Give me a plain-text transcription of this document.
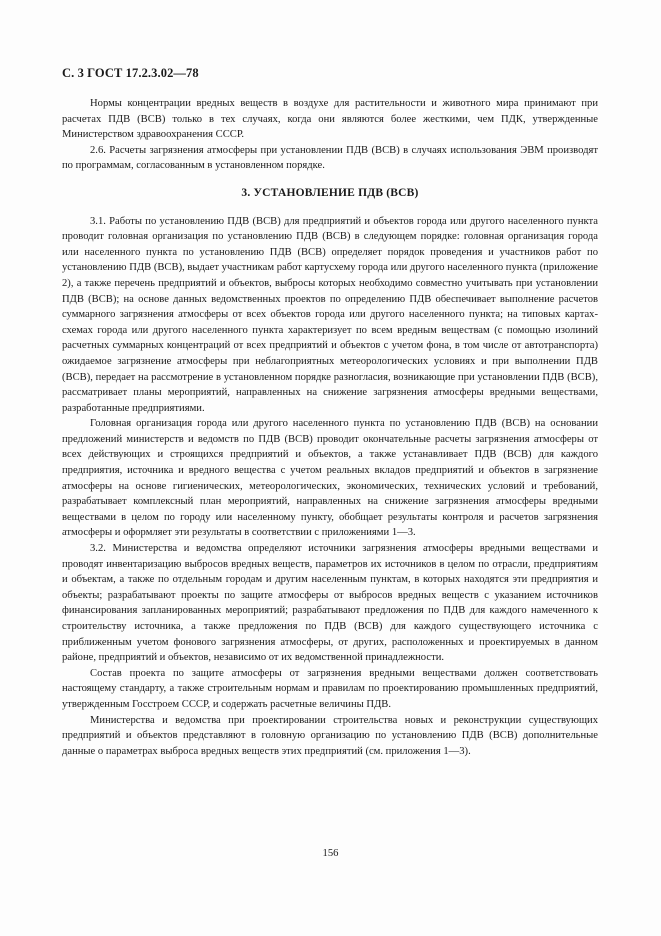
С. 3 ГОСТ 17.2.3.02—78

Нормы концентрации вредных веществ в воздухе для растительности и животного мира принимают при расчетах ПДВ (ВСВ) только в тех случаях, когда они являются более жесткими, чем ПДК, утвержденные Министерством здравоохранения СССР.

2.6. Расчеты загрязнения атмосферы при установлении ПДВ (ВСВ) в случаях использования ЭВМ производят по программам, согласованным в установленном порядке.

3. УСТАНОВЛЕНИЕ ПДВ (ВСВ)

3.1. Работы по установлению ПДВ (ВСВ) для предприятий и объектов города или другого населенного пункта проводит головная организация по установлению ПДВ (ВСВ) в следующем порядке: головная организация города или населенного пункта по установлению ПДВ (ВСВ) определяет порядок проведения и участников работ по установлению ПДВ (ВСВ), выдает участникам работ картусхему города или другого населенного пункта (приложение 2), а также перечень предприятий и объектов, выбросы которых необходимо совместно учитывать при установлении ПДВ (ВСВ); на основе данных ведомственных проектов по определению ПДВ обеспечивает выполнение расчетов суммарного загрязнения атмосферы от всех объектов города или другого населенного пункта; на типовых картах-схемах города или другого населенного пункта характеризует по всем вредным веществам (с помощью изолиний расчетных суммарных концентраций от всех предприятий и объектов с учетом фона, в том числе от автотранспорта) ожидаемое загрязнение атмосферы при неблагоприятных метеорологических условиях и при выполнении ПДВ (ВСВ), передает на рассмотрение в установленном порядке разногласия, возникающие при установлении ПДВ (ВСВ), рассматривает планы мероприятий, направленных на снижение загрязнения атмосферы вредными веществами, разработанные предприятиями.

Головная организация города или другого населенного пункта по установлению ПДВ (ВСВ) на основании предложений министерств и ведомств по ПДВ (ВСВ) проводит окончательные расчеты загрязнения атмосферы от всех действующих и строящихся предприятий и объектов, а также устанавливает ПДВ (ВСВ) для каждого предприятия, источника и вредного вещества с учетом реальных вкладов предприятий и объектов в загрязнение атмосферы на основе гигиенических, метеорологических, экономических, технических условий и требований, разрабатывает комплексный план мероприятий, направленных на снижение загрязнения атмосферы вредными веществами в целом по городу или населенному пункту, обобщает результаты контроля и расчетов загрязнения атмосферы и оформляет эти результаты в соответствии с приложениями 1—3.

3.2. Министерства и ведомства определяют источники загрязнения атмосферы вредными веществами и проводят инвентаризацию выбросов вредных веществ, параметров их источников в целом по отрасли, предприятиям и объектам, а также по отдельным городам и другим населенным пунктам, в которых находятся эти предприятия и объекты; разрабатывают проекты по защите атмосферы от выбросов вредных веществ с указанием источников финансирования запланированных мероприятий; разрабатывают предложения по ПДВ для каждого намеченного к строительству источника, а также предложения по ПДВ (ВСВ) для каждого существующего источника с приближенным учетом фонового загрязнения атмосферы, от других, расположенных и проектируемых в данном районе, предприятий и объектов, независимо от их ведомственной принадлежности.

Состав проекта по защите атмосферы от загрязнения вредными веществами должен соответствовать настоящему стандарту, а также строительным нормам и правилам по проектированию промышленных предприятий, утвержденным Госстроем СССР, и содержать расчетные величины ПДВ.

Министерства и ведомства при проектировании строительства новых и реконструкции существующих предприятий и объектов представляют в головную организацию по установлению ПДВ (ВСВ) дополнительные данные о параметрах выброса вредных веществ этих предприятий (см. приложения 1—3).

156
